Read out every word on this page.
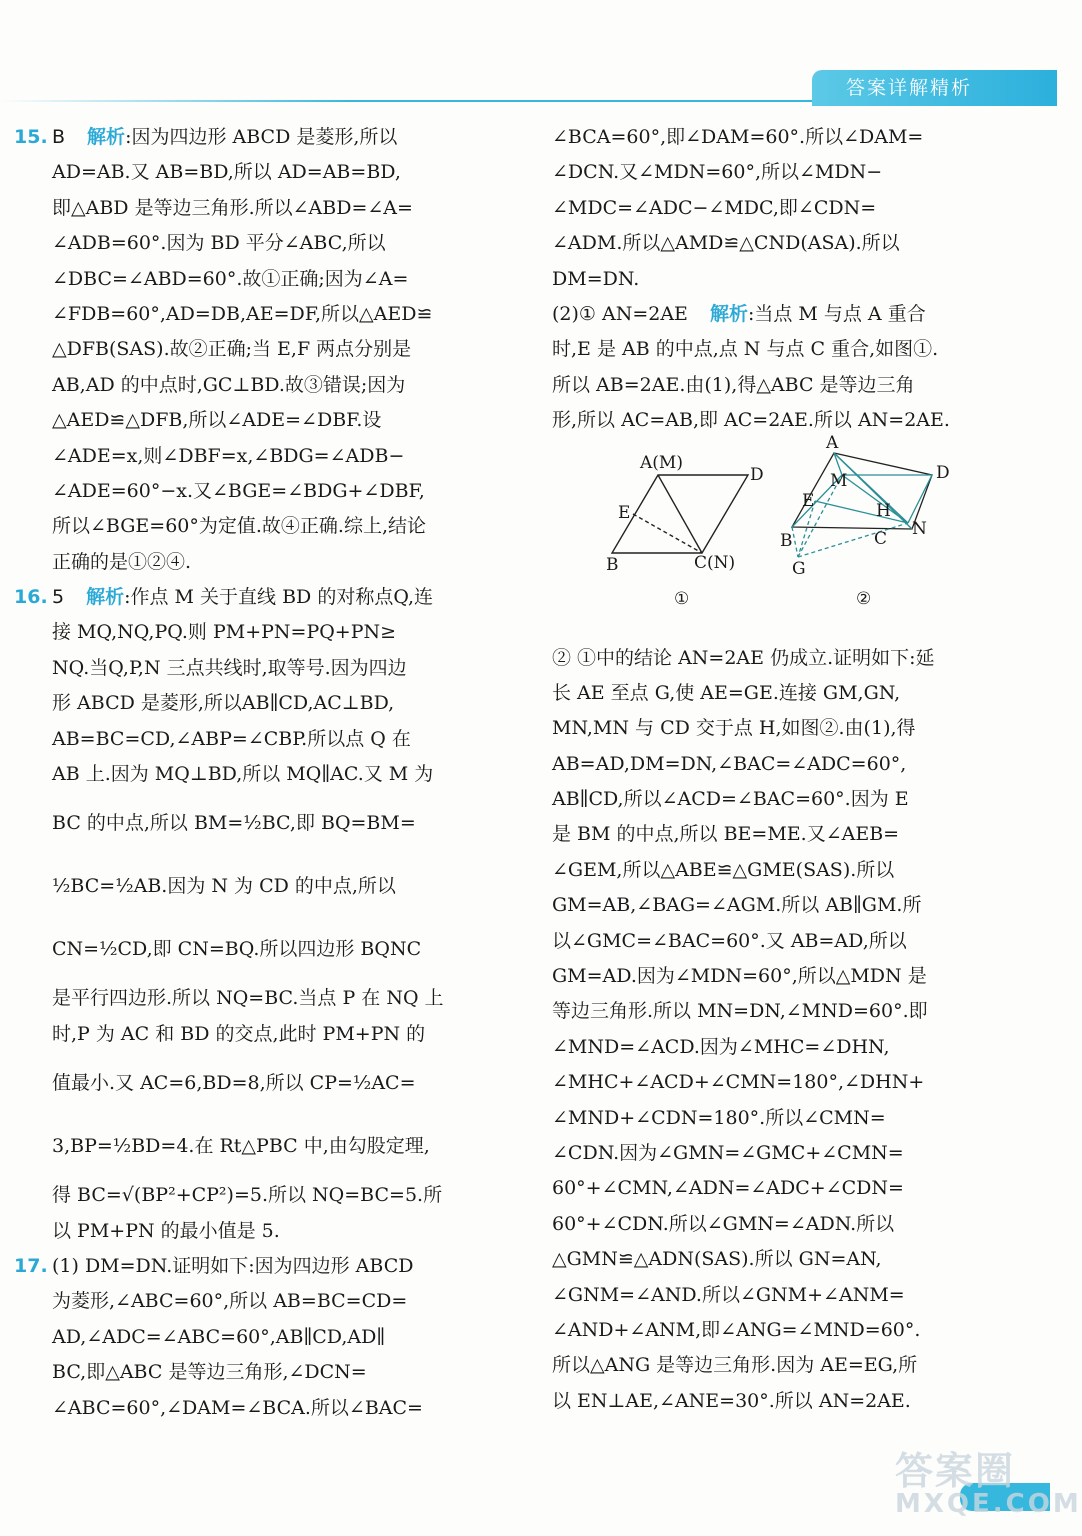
答案详解精析
15. B 解析:因为四边形 ABCD 是菱形,所以
AD=AB.又 AB=BD,所以 AD=AB=BD,
即△ABD 是等边三角形.所以∠ABD=∠A=
∠ADB=60°.因为 BD 平分∠ABC,所以
∠DBC=∠ABD=60°.故①正确;因为∠A=
∠FDB=60°,AD=DB,AE=DF,所以△AED≌
△DFB(SAS).故②正确;当 E,F 两点分别是
AB,AD 的中点时,GC⊥BD.故③错误;因为
△AED≌△DFB,所以∠ADE=∠DBF.设
∠ADE=x,则∠DBF=x,∠BDG=∠ADB−
∠ADE=60°−x.又∠BGE=∠BDG+∠DBF,
所以∠BGE=60°为定值.故④正确.综上,结论
正确的是①②④.
16. 5 解析:作点 M 关于直线 BD 的对称点Q,连
接 MQ,NQ,PQ.则 PM+PN=PQ+PN≥
NQ.当Q,P,N 三点共线时,取等号.因为四边
形 ABCD 是菱形,所以AB∥CD,AC⊥BD,
AB=BC=CD,∠ABP=∠CBP.所以点 Q 在
AB 上.因为 MQ⊥BD,所以 MQ∥AC.又 M 为
BC 的中点,所以 BM=½BC,即 BQ=BM=
½BC=½AB.因为 N 为 CD 的中点,所以
CN=½CD,即 CN=BQ.所以四边形 BQNC
是平行四边形.所以 NQ=BC.当点 P 在 NQ 上
时,P 为 AC 和 BD 的交点,此时 PM+PN 的
值最小.又 AC=6,BD=8,所以 CP=½AC=
3,BP=½BD=4.在 Rt△PBC 中,由勾股定理,
得 BC=√(BP²+CP²)=5.所以 NQ=BC=5.所
以 PM+PN 的最小值是 5.
17. (1) DM=DN.证明如下:因为四边形 ABCD
为菱形,∠ABC=60°,所以 AB=BC=CD=
AD,∠ADC=∠ABC=60°,AB∥CD,AD∥
BC,即△ABC 是等边三角形,∠DCN=
∠ABC=60°,∠DAM=∠BCA.所以∠BAC=
∠BCA=60°,即∠DAM=60°.所以∠DAM=
∠DCN.又∠MDN=60°,所以∠MDN−
∠MDC=∠ADC−∠MDC,即∠CDN=
∠ADM.所以△AMD≌△CND(ASA).所以
DM=DN.
(2)① AN=2AE 解析:当点 M 与点 A 重合
时,E 是 AB 的中点,点 N 与点 C 重合,如图①.
所以 AB=2AE.由(1),得△ABC 是等边三角
形,所以 AC=AB,即 AC=2AE.所以 AN=2AE.
A(M)
D
E
B	C(N)
①
A
D
E
M
H
N
B	C
G
②
② ①中的结论 AN=2AE 仍成立.证明如下:延
长 AE 至点 G,使 AE=GE.连接 GM,GN,
MN,MN 与 CD 交于点 H,如图②.由(1),得
AB=AD,DM=DN,∠BAC=∠ADC=60°,
AB∥CD,所以∠ACD=∠BAC=60°.因为 E
是 BM 的中点,所以 BE=ME.又∠AEB=
∠GEM,所以△ABE≌△GME(SAS).所以
GM=AB,∠BAG=∠AGM.所以 AB∥GM.所
以∠GMC=∠BAC=60°.又 AB=AD,所以
GM=AD.因为∠MDN=60°,所以△MDN 是
等边三角形.所以 MN=DN,∠MND=60°.即
∠MND=∠ACD.因为∠MHC=∠DHN,
∠MHC+∠ACD+∠CMN=180°,∠DHN+
∠MND+∠CDN=180°.所以∠CMN=
∠CDN.因为∠GMN=∠GMC+∠CMN=
60°+∠CMN,∠ADN=∠ADC+∠CDN=
60°+∠CDN.所以∠GMN=∠ADN.所以
△GMN≌△ADN(SAS).所以 GN=AN,
∠GNM=∠AND.所以∠GNM+∠ANM=
∠AND+∠ANM,即∠ANG=∠MND=60°.
所以△ANG 是等边三角形.因为 AE=EG,所
以 EN⊥AE,∠ANE=30°.所以 AN=2AE.
答案圈
MXQE.COM
